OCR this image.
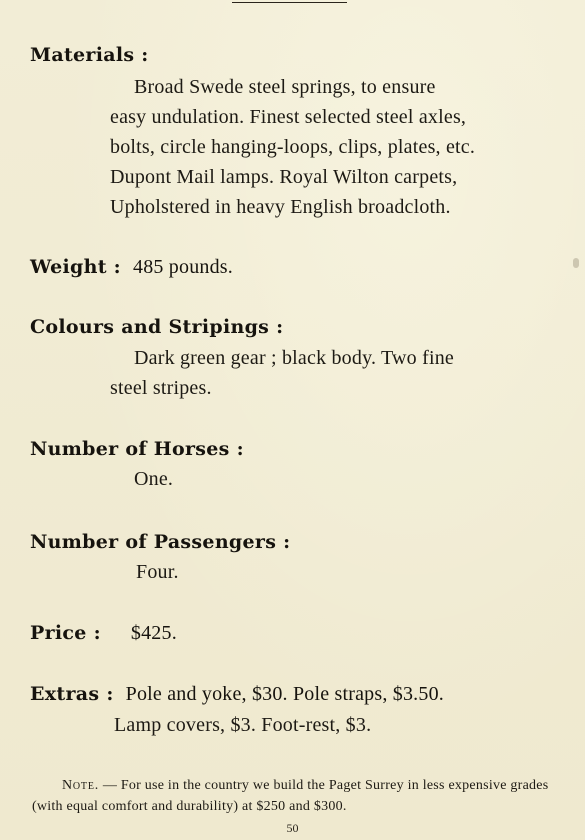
Materials :
Broad Swede steel springs, to ensure
easy undulation. Finest selected steel axles,
bolts, circle hanging-loops, clips, plates, etc.
Dupont Mail lamps. Royal Wilton carpets,
Upholstered in heavy English broadcloth.
Weight : 485 pounds.
Colours and Stripings :
Dark green gear ; black body. Two fine
steel stripes.
Number of Horses :
One.
Number of Passengers :
Four.
Price : $425.
Extras : Pole and yoke, $30. Pole straps, $3.50.
Lamp covers, $3. Foot-rest, $3.
Note. — For use in the country we build the Paget Surrey in less expensive grades (with equal comfort and durability) at $250 and $300.
50
